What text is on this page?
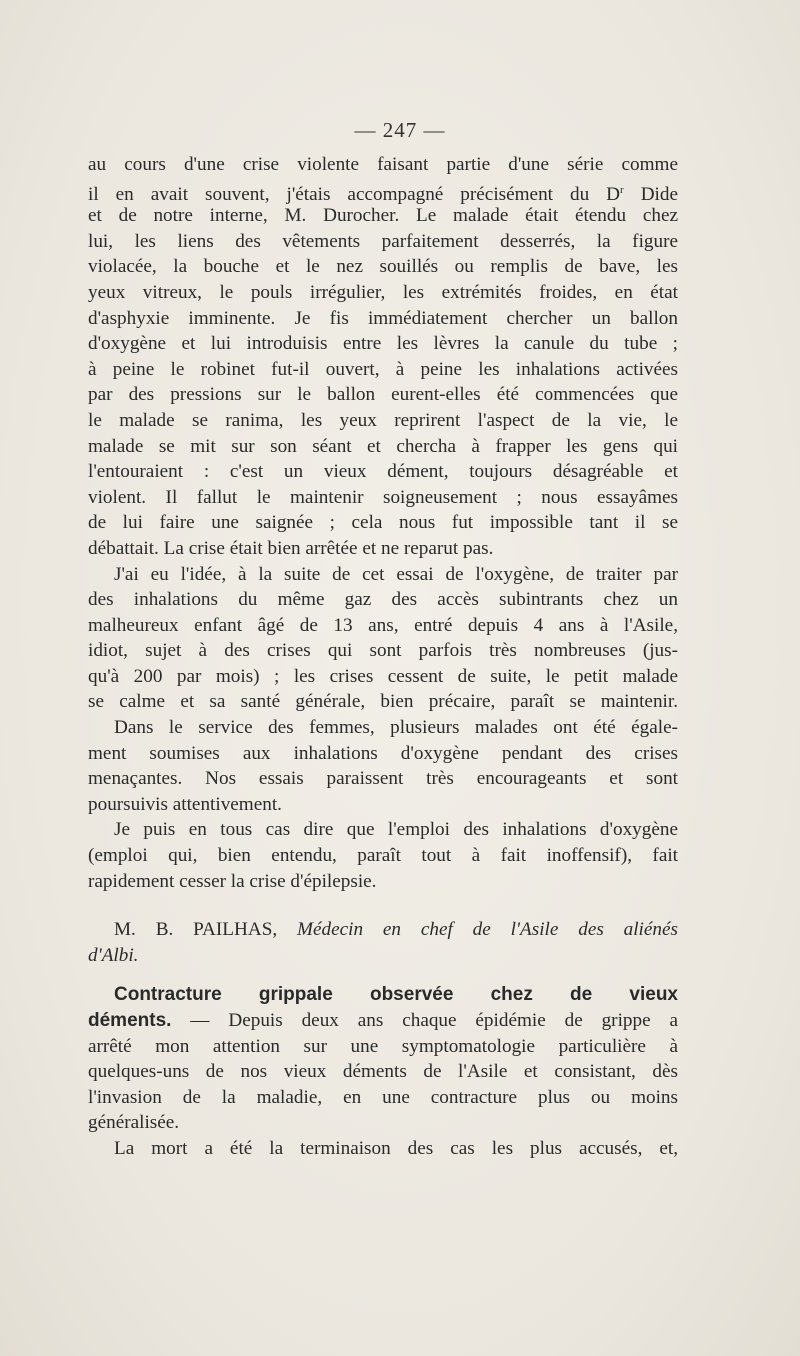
— 247 —
au cours d'une crise violente faisant partie d'une série comme
il en avait souvent, j'étais accompagné précisément du $D^r$ Dide
et de notre interne, M. Durocher. Le malade était étendu chez
lui, les liens des vêtements parfaitement desserrés, la figure
violacée, la bouche et le nez souillés ou remplis de bave, les
yeux vitreux, le pouls irrégulier, les extrémités froides, en état
d'asphyxie imminente. Je fis immédiatement chercher un ballon
d'oxygène et lui introduisis entre les lèvres la canule du tube ;
à peine le robinet fut-il ouvert, à peine les inhalations activées
par des pressions sur le ballon eurent-elles été commencées que
le malade se ranima, les yeux reprirent l'aspect de la vie, le
malade se mit sur son séant et chercha à frapper les gens qui
l'entouraient : c'est un vieux dément, toujours désagréable et
violent. Il fallut le maintenir soigneusement ; nous essayâmes
de lui faire une saignée ; cela nous fut impossible tant il se
débattait. La crise était bien arrêtée et ne reparut pas.
J'ai eu l'idée, à la suite de cet essai de l'oxygène, de traiter par
des inhalations du même gaz des accès subintrants chez un
malheureux enfant âgé de 13 ans, entré depuis 4 ans à l'Asile,
idiot, sujet à des crises qui sont parfois très nombreuses (jus-
qu'à 200 par mois) ; les crises cessent de suite, le petit malade
se calme et sa santé générale, bien précaire, paraît se maintenir.
Dans le service des femmes, plusieurs malades ont été égale-
ment soumises aux inhalations d'oxygène pendant des crises
menaçantes. Nos essais paraissent très encourageants et sont
poursuivis attentivement.
Je puis en tous cas dire que l'emploi des inhalations d'oxygène
(emploi qui, bien entendu, paraît tout à fait inoffensif), fait
rapidement cesser la crise d'épilepsie.
M. B. PAILHAS, Médecin en chef de l'Asile des aliénés
d'Albi.
Contracture grippale observée chez de vieux
déments. — Depuis deux ans chaque épidémie de grippe a
arrêté mon attention sur une symptomatologie particulière à
quelques-uns de nos vieux déments de l'Asile et consistant, dès
l'invasion de la maladie, en une contracture plus ou moins
généralisée.
La mort a été la terminaison des cas les plus accusés, et,
